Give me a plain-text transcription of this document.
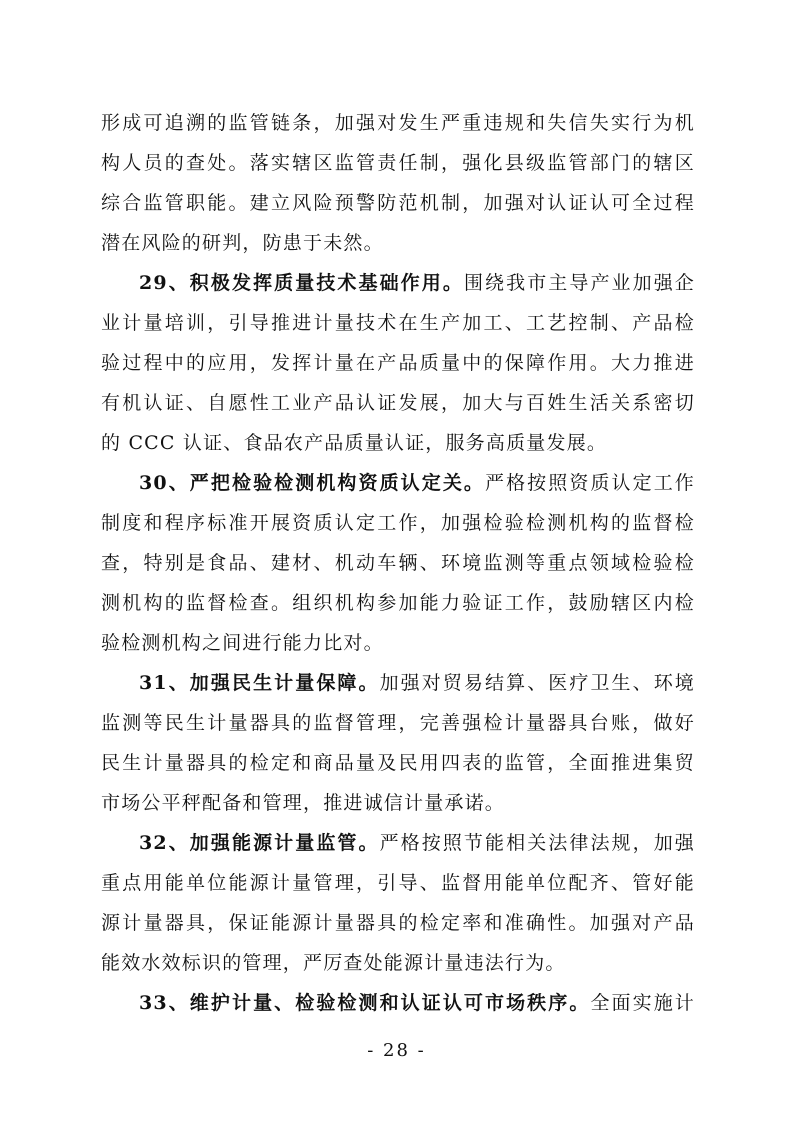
形成可追溯的监管链条，加强对发生严重违规和失信失实行为机
构人员的查处。落实辖区监管责任制，强化县级监管部门的辖区
综合监管职能。建立风险预警防范机制，加强对认证认可全过程
潜在风险的研判，防患于未然。
29、积极发挥质量技术基础作用。围绕我市主导产业加强企
业计量培训，引导推进计量技术在生产加工、工艺控制、产品检
验过程中的应用，发挥计量在产品质量中的保障作用。大力推进
有机认证、自愿性工业产品认证发展，加大与百姓生活关系密切
的 CCC 认证、食品农产品质量认证，服务高质量发展。
30、严把检验检测机构资质认定关。严格按照资质认定工作
制度和程序标准开展资质认定工作，加强检验检测机构的监督检
查，特别是食品、建材、机动车辆、环境监测等重点领域检验检
测机构的监督检查。组织机构参加能力验证工作，鼓励辖区内检
验检测机构之间进行能力比对。
31、加强民生计量保障。加强对贸易结算、医疗卫生、环境
监测等民生计量器具的监督管理，完善强检计量器具台账，做好
民生计量器具的检定和商品量及民用四表的监管，全面推进集贸
市场公平秤配备和管理，推进诚信计量承诺。
32、加强能源计量监管。严格按照节能相关法律法规，加强
重点用能单位能源计量管理，引导、监督用能单位配齐、管好能
源计量器具，保证能源计量器具的检定率和准确性。加强对产品
能效水效标识的管理，严厉查处能源计量违法行为。
33、维护计量、检验检测和认证认可市场秩序。全面实施计
- 28 -
